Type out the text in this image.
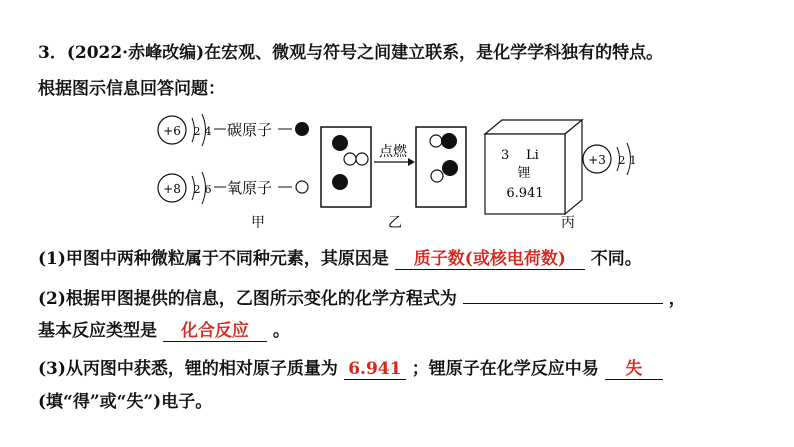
3．(2022·赤峰改编)在宏观、微观与符号之间建立联系，是化学学科独有的特点。
根据图示信息回答问题：
+6 2 4 碳原子
+8 2 6 氧原子
点燃	3 Li
锂
6.941
+3 2 1
甲	乙	丙
(1)甲图中两种微粒属于不同种元素，其原因是 质子数(或核电荷数) 不同。
(2)根据甲图提供的信息，乙图所示变化的化学方程式为	，
基本反应类型是 化合反应 。
(3)从丙图中获悉，锂的相对原子质量为 6.941 ；锂原子在化学反应中易 失
(填“得”或“失”)电子。
